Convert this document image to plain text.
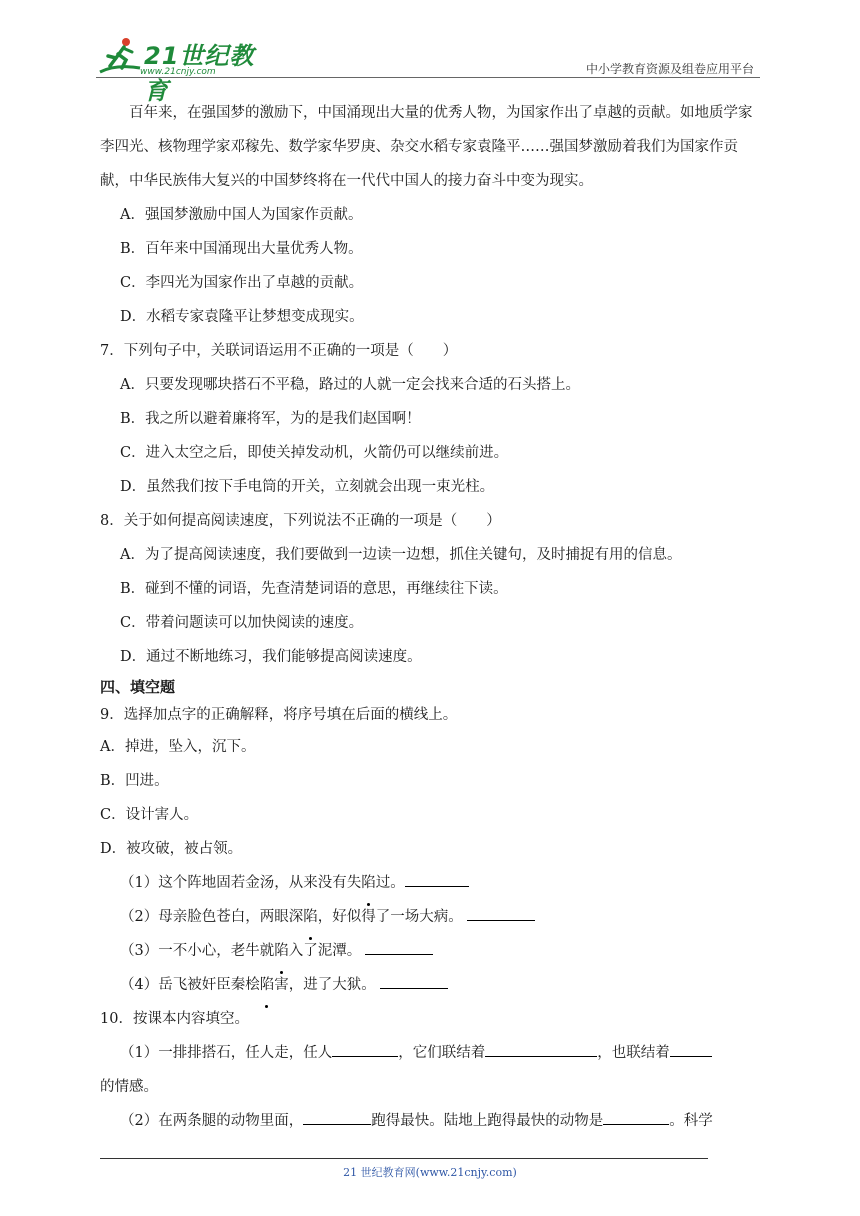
21世纪教育
www.21cnjy.com	中小学教育资源及组卷应用平台

百年来，在强国梦的激励下，中国涌现出大量的优秀人物，为国家作出了卓越的贡献。如地质学家李四光、核物理学家邓稼先、数学家华罗庚、杂交水稻专家袁隆平……强国梦激励着我们为国家作贡献，中华民族伟大复兴的中国梦终将在一代代中国人的接力奋斗中变为现实。

A．强国梦激励中国人为国家作贡献。

B．百年来中国涌现出大量优秀人物。

C．李四光为国家作出了卓越的贡献。

D．水稻专家袁隆平让梦想变成现实。

7．下列句子中，关联词语运用不正确的一项是（　　）

A．只要发现哪块搭石不平稳，路过的人就一定会找来合适的石头搭上。

B．我之所以避着廉将军，为的是我们赵国啊！

C．进入太空之后，即使关掉发动机，火箭仍可以继续前进。

D．虽然我们按下手电筒的开关，立刻就会出现一束光柱。

8．关于如何提高阅读速度，下列说法不正确的一项是（　　）

A．为了提高阅读速度，我们要做到一边读一边想，抓住关键句，及时捕捉有用的信息。

B．碰到不懂的词语，先查清楚词语的意思，再继续往下读。

C．带着问题读可以加快阅读的速度。

D．通过不断地练习，我们能够提高阅读速度。

四、填空题

9．选择加点字的正确解释，将序号填在后面的横线上。

A．掉进，坠入，沉下。

B．凹进。

C．设计害人。

D．被攻破，被占领。

（1）这个阵地固若金汤，从来没有失陷过。

（2）母亲脸色苍白，两眼深陷，好似得了一场大病。

（3）一不小心，老牛就陷入了泥潭。

（4）岳飞被奸臣秦桧陷害，进了大狱。

10．按课本内容填空。

（1）一排排搭石，任人走，任人	，它们联结着	，也联结着

的情感。

（2）在两条腿的动物里面，	跑得最快。陆地上跑得最快的动物是	。科学

21 世纪教育网(www.21cnjy.com)
